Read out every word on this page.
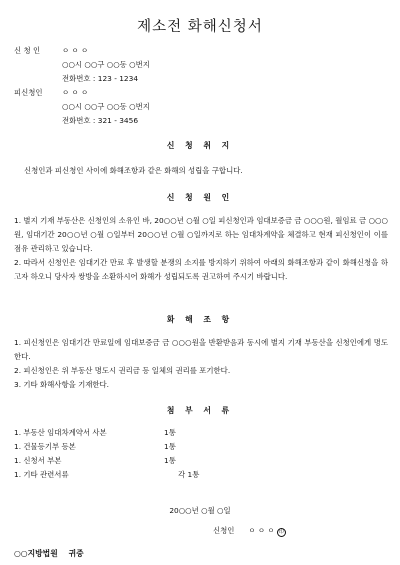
제소전 화해신청서
신 청 인	ㅇ ㅇ ㅇ
○○시 ○○구 ○○동 ○번지
전화번호 : 123 - 1234
피신청인	ㅇ ㅇ ㅇ
○○시 ○○구 ○○동 ○번지
전화번호 : 321 - 3456
신 청 취 지
신청인과 피신청인 사이에 화해조항과 같은 화해의 성립을 구합니다.
신 청 원 인

1. 별지 기재 부동산은 신청인의 소유인 바, 20○○년 ○월 ○일 피신청인과 임대보증금 금 ○○○원, 월임료 금 ○○○원, 임대기간 20○○년 ○월 ○일부터 20○○년 ○월 ○일까지로 하는 임대차계약을 체결하고 현재 피신청인이 이를 점유 관리하고 있습니다.

2. 따라서 신청인은 임대기간 만료 후 발생할 분쟁의 소지를 방지하기 위하여 아래의 화해조항과 같이 화해신청을 하고자 하오니 당사자 쌍방을 소환하시어 화해가 성립되도록 권고하여 주시기 바랍니다.

화 해 조 항

1. 피신청인은 임대기간 만료일에 임대보증금 금 ○○○원을 반환받음과 동시에 별지 기재 부동산을 신청인에게 명도한다.

2. 피신청인은 위 부동산 명도시 권리금 등 일체의 권리를 포기한다.

3. 기타 화해사항을 기재한다.

첨 부 서 류
1. 부동산 임대차계약서 사본	1통
1. 건물등기부 등본	1통
1. 신청서 부본	1통
1. 기타 관련서류	각 1통
20○○년 ○월 ○일
신청인 ㅇ ㅇ ㅇ 印
○○지방법원    귀중
